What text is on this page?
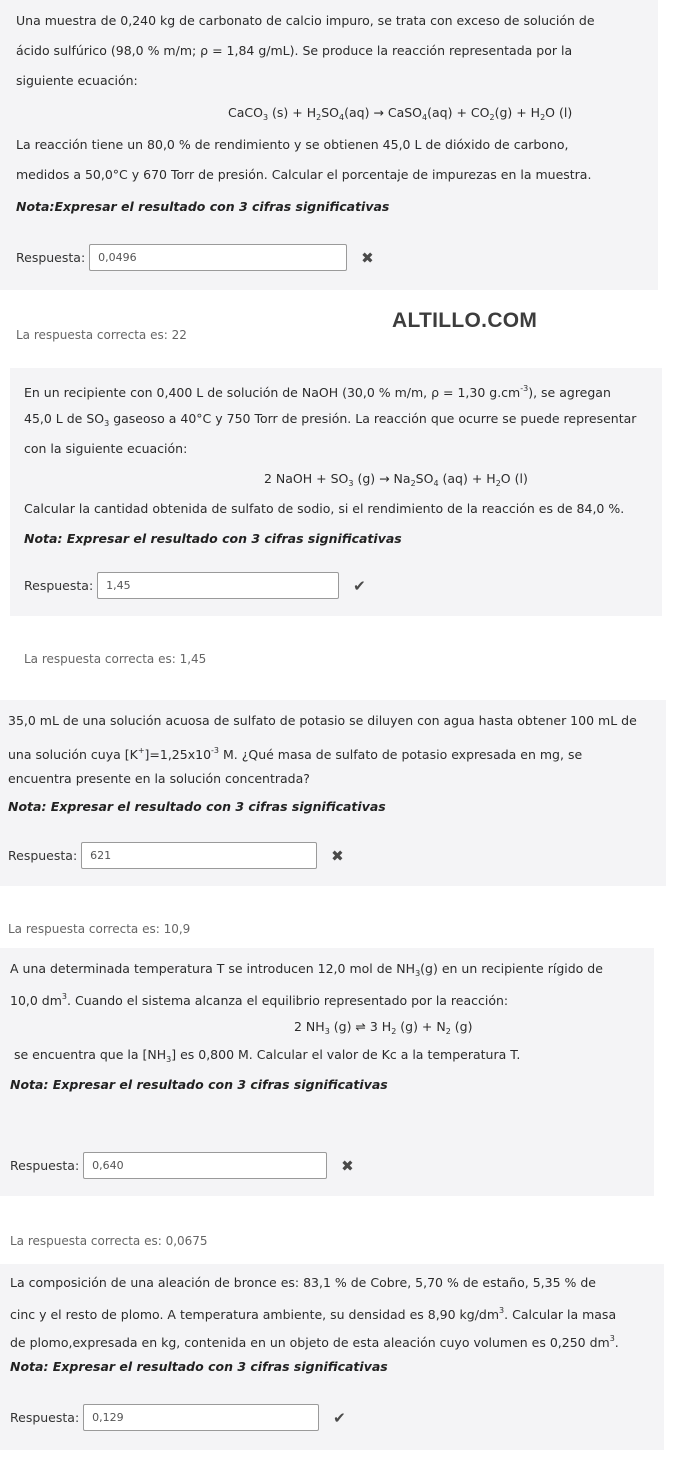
ALTILLO.COM

Una muestra de 0,240 kg de carbonato de calcio impuro, se trata con exceso de solución de

ácido sulfúrico (98,0 % m/m; ρ = 1,84 g/mL). Se produce la reacción representada por la

siguiente ecuación:

CaCO$_3$ $(s) + H_2SO_4(aq)$ → CaSO$_4$(aq) + $CO_2(g) + H_2O$ (l)

La reacción tiene un 80,0 % de rendimiento y se obtienen 45,0 L de dióxido de carbono,

medidos a 50,0°C y 670 Torr de presión. Calcular el porcentaje de impurezas en la muestra.

Nota:Expresar el resultado con 3 cifras significativas

Respuesta:	0,0496	✖
La respuesta correcta es: 22

En un recipiente con 0,400 L de solución de NaOH (30,0 % m/m, ρ = 1,30 $g.cm^{-3}$), se agregan

45,0 L de $SO_3$ gaseoso a 40°C y 750 Torr de presión. La reacción que ocurre se puede representar

con la siguiente ecuación:

2 NaOH + $SO_3$ $(g) \to Na_2SO_4$ $(aq) + H_2O$ (l)

Calcular la cantidad obtenida de sulfato de sodio, si el rendimiento de la reacción es de 84,0 %.

Nota: Expresar el resultado con 3 cifras significativas

Respuesta:	1,45	✔
La respuesta correcta es: 1,45

35,0 mL de una solución acuosa de sulfato de potasio se diluyen con agua hasta obtener 100 mL de

una solución cuya $[K^+]=1,25x10^{-3}$ M. ¿Qué masa de sulfato de potasio expresada en mg, se

encuentra presente en la solución concentrada?

Nota: Expresar el resultado con 3 cifras significativas

Respuesta:	621	✖
La respuesta correcta es: 10,9

A una determinada temperatura T se introducen 12,0 mol de $NH_3(g)$ en un recipiente rígido de

10,0 $dm^3$. Cuando el sistema alcanza el equilibrio representado por la reacción:

2 $NH_3$ (g) ⇌ 3 $H_2$ $(g) + N_2$ (g)

se encuentra que la $[NH_3]$ es 0,800 M. Calcular el valor de Kc a la temperatura T.

Nota: Expresar el resultado con 3 cifras significativas

Respuesta:	0,640	✖
La respuesta correcta es: 0,0675

La composición de una aleación de bronce es: 83,1 % de Cobre, 5,70 % de estaño, 5,35 % de

cinc y el resto de plomo. A temperatura ambiente, su densidad es 8,90 $kg/dm^3$. Calcular la masa

de plomo,expresada en kg, contenida en un objeto de esta aleación cuyo volumen es 0,250 $dm^3$.

Nota: Expresar el resultado con 3 cifras significativas

Respuesta:	0,129	✔
